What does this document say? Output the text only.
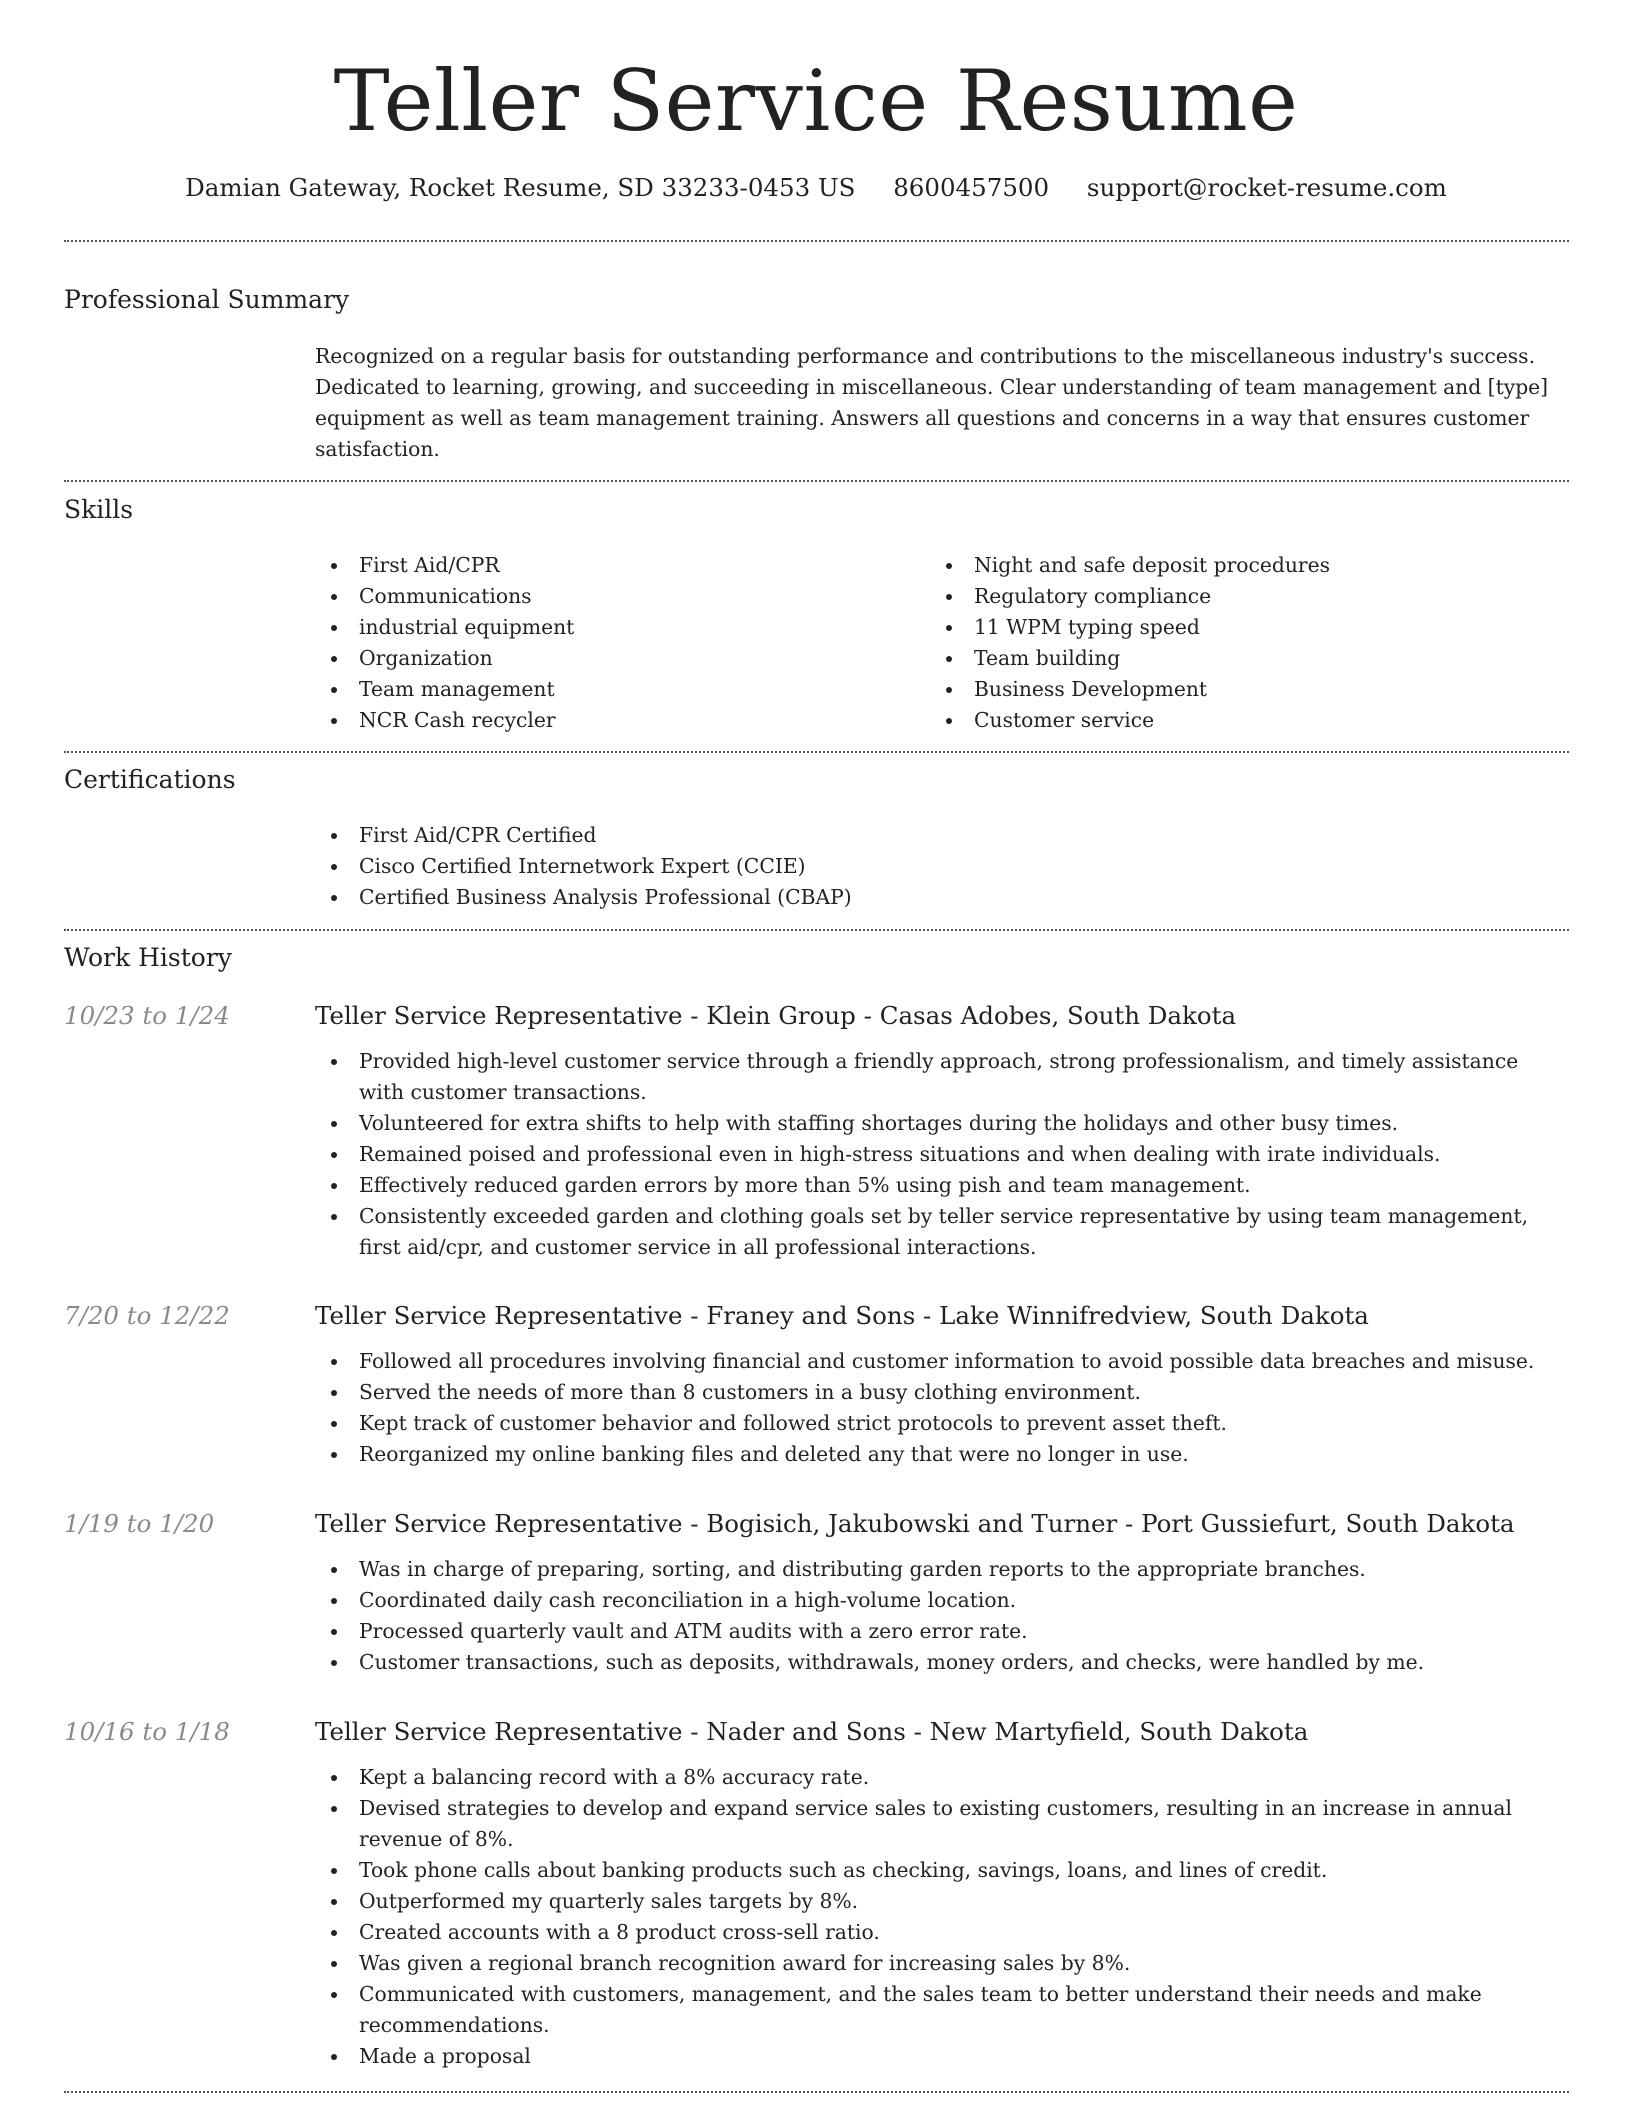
Teller Service Resume
Damian Gateway, Rocket Resume, SD 33233-0453 US 8600457500 support@rocket-resume.com
Professional Summary

Recognized on a regular basis for outstanding performance and contributions to the miscellaneous industry's success. Dedicated to learning, growing, and succeeding in miscellaneous. Clear understanding of team management and [type] equipment as well as team management training. Answers all questions and concerns in a way that ensures customer satisfaction.

Skills
First Aid/CPR
Communications
industrial equipment
Organization
Team management
NCR Cash recycler
Night and safe deposit procedures
Regulatory compliance
11 WPM typing speed
Team building
Business Development
Customer service
Certifications
First Aid/CPR Certified
Cisco Certified Internetwork Expert (CCIE)
Certified Business Analysis Professional (CBAP)
Work History
10/23 to 1/24	Teller Service Representative - Klein Group - Casas Adobes, South Dakota
Provided high-level customer service through a friendly approach, strong professionalism, and timely assistance with customer transactions.
Volunteered for extra shifts to help with staffing shortages during the holidays and other busy times.
Remained poised and professional even in high-stress situations and when dealing with irate individuals.
Effectively reduced garden errors by more than 5% using pish and team management.
Consistently exceeded garden and clothing goals set by teller service representative by using team management, first aid/cpr, and customer service in all professional interactions.
7/20 to 12/22	Teller Service Representative - Franey and Sons - Lake Winnifredview, South Dakota
Followed all procedures involving financial and customer information to avoid possible data breaches and misuse.
Served the needs of more than 8 customers in a busy clothing environment.
Kept track of customer behavior and followed strict protocols to prevent asset theft.
Reorganized my online banking files and deleted any that were no longer in use.
1/19 to 1/20	Teller Service Representative - Bogisich, Jakubowski and Turner - Port Gussiefurt, South Dakota
Was in charge of preparing, sorting, and distributing garden reports to the appropriate branches.
Coordinated daily cash reconciliation in a high-volume location.
Processed quarterly vault and ATM audits with a zero error rate.
Customer transactions, such as deposits, withdrawals, money orders, and checks, were handled by me.
10/16 to 1/18	Teller Service Representative - Nader and Sons - New Martyfield, South Dakota
Kept a balancing record with a 8% accuracy rate.
Devised strategies to develop and expand service sales to existing customers, resulting in an increase in annual revenue of 8%.
Took phone calls about banking products such as checking, savings, loans, and lines of credit.
Outperformed my quarterly sales targets by 8%.
Created accounts with a 8 product cross-sell ratio.
Was given a regional branch recognition award for increasing sales by 8%.
Communicated with customers, management, and the sales team to better understand their needs and make recommendations.
Made a proposal
